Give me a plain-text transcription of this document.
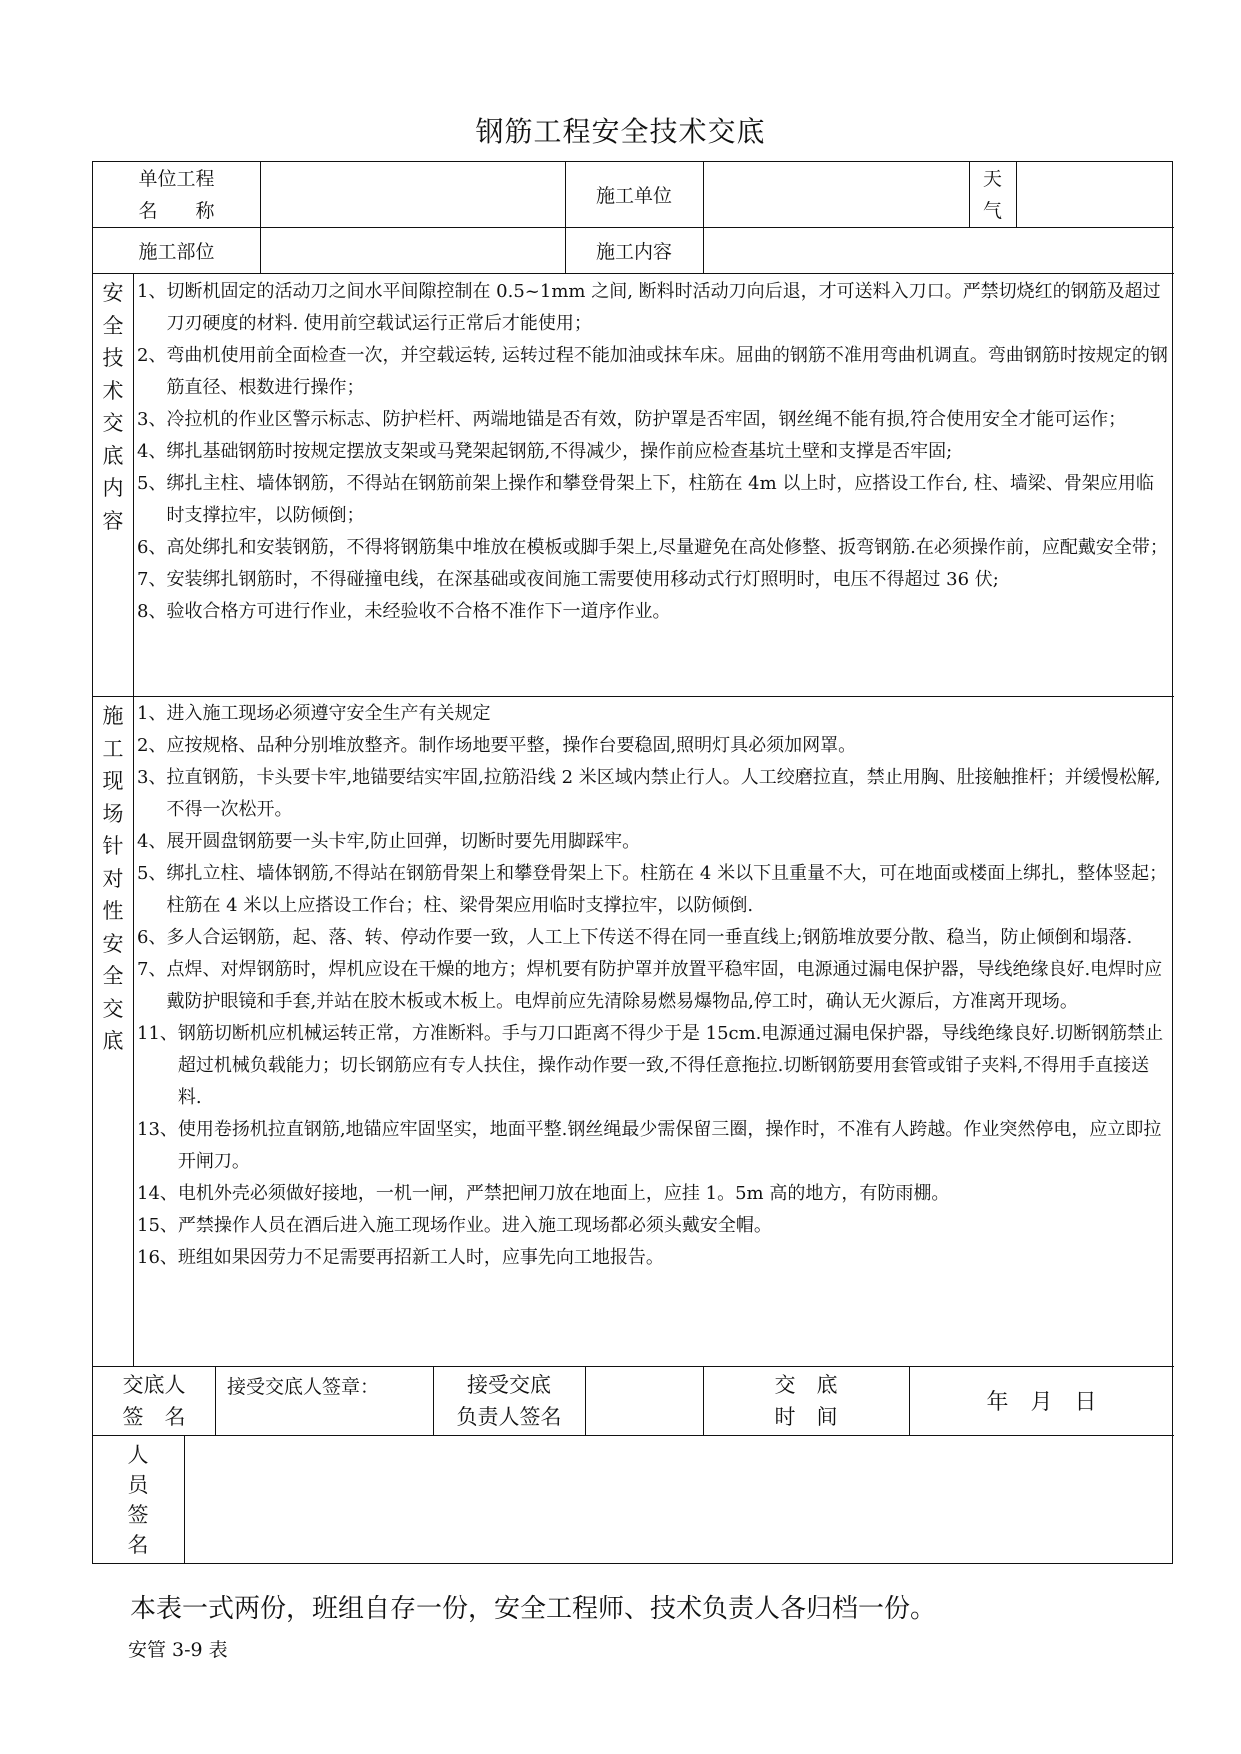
钢筋工程安全技术交底
单位工程
名　　称
施工单位
天
气
施工部位	施工内容
安
全
技
术
交
底
内
容
1、 切断机固定的活动刀之间水平间隙控制在 0.5~1mm 之间, 断料时活动刀向后退，才可送料入刀口。严禁切烧红的钢筋及超过刀刃硬度的材料. 使用前空载试运行正常后才能使用；
2、 弯曲机使用前全面检查一次，并空载运转, 运转过程不能加油或抹车床。屈曲的钢筋不准用弯曲机调直。弯曲钢筋时按规定的钢筋直径、根数进行操作；
3、 冷拉机的作业区警示标志、防护栏杆、两端地锚是否有效，防护罩是否牢固，钢丝绳不能有损,符合使用安全才能可运作；
4、 绑扎基础钢筋时按规定摆放支架或马凳架起钢筋,不得减少，操作前应检查基坑土壁和支撑是否牢固;
5、 绑扎主柱、墙体钢筋，不得站在钢筋前架上操作和攀登骨架上下，柱筋在 4m 以上时，应搭设工作台, 柱、墙梁、骨架应用临时支撑拉牢，以防倾倒；
6、 高处绑扎和安装钢筋，不得将钢筋集中堆放在模板或脚手架上,尽量避免在高处修整、扳弯钢筋.在必须操作前，应配戴安全带；
7、 安装绑扎钢筋时，不得碰撞电线，在深基础或夜间施工需要使用移动式行灯照明时，电压不得超过 36 伏;
8、 验收合格方可进行作业，未经验收不合格不准作下一道序作业。
施
工
现
场
针
对
性
安
全
交
底
1、 进入施工现场必须遵守安全生产有关规定
2、 应按规格、品种分别堆放整齐。制作场地要平整，操作台要稳固,照明灯具必须加网罩。
3、 拉直钢筋，卡头要卡牢,地锚要结实牢固,拉筋沿线 2 米区域内禁止行人。人工绞磨拉直，禁止用胸、肚接触推杆；并缓慢松解,不得一次松开。
4、 展开圆盘钢筋要一头卡牢,防止回弹，切断时要先用脚踩牢。
5、 绑扎立柱、墙体钢筋,不得站在钢筋骨架上和攀登骨架上下。柱筋在 4 米以下且重量不大，可在地面或楼面上绑扎，整体竖起；柱筋在 4 米以上应搭设工作台；柱、梁骨架应用临时支撑拉牢，以防倾倒.
6、 多人合运钢筋，起、落、转、停动作要一致，人工上下传送不得在同一垂直线上;钢筋堆放要分散、稳当，防止倾倒和塌落.
7、 点焊、对焊钢筋时，焊机应设在干燥的地方；焊机要有防护罩并放置平稳牢固，电源通过漏电保护器，导线绝缘良好.电焊时应戴防护眼镜和手套,并站在胶木板或木板上。电焊前应先清除易燃易爆物品,停工时，确认无火源后，方准离开现场。
11、 钢筋切断机应机械运转正常，方准断料。手与刀口距离不得少于是 15cm.电源通过漏电保护器，导线绝缘良好.切断钢筋禁止超过机械负载能力；切长钢筋应有专人扶住，操作动作要一致,不得任意拖拉.切断钢筋要用套管或钳子夹料,不得用手直接送料.
13、 使用卷扬机拉直钢筋,地锚应牢固坚实，地面平整.钢丝绳最少需保留三圈，操作时，不准有人跨越。作业突然停电，应立即拉开闸刀。
14、 电机外壳必须做好接地，一机一闸，严禁把闸刀放在地面上，应挂 1。5m 高的地方，有防雨棚。
15、 严禁操作人员在酒后进入施工现场作业。进入施工现场都必须头戴安全帽。
16、 班组如果因劳力不足需要再招新工人时，应事先向工地报告。
交底人
签　名
接受交底人签章：	接受交底
负责人签名
交　底
时　间
年　月　日
人
员
签
名
本表一式两份，班组自存一份，安全工程师、技术负责人各归档一份。
安管 3-9 表
